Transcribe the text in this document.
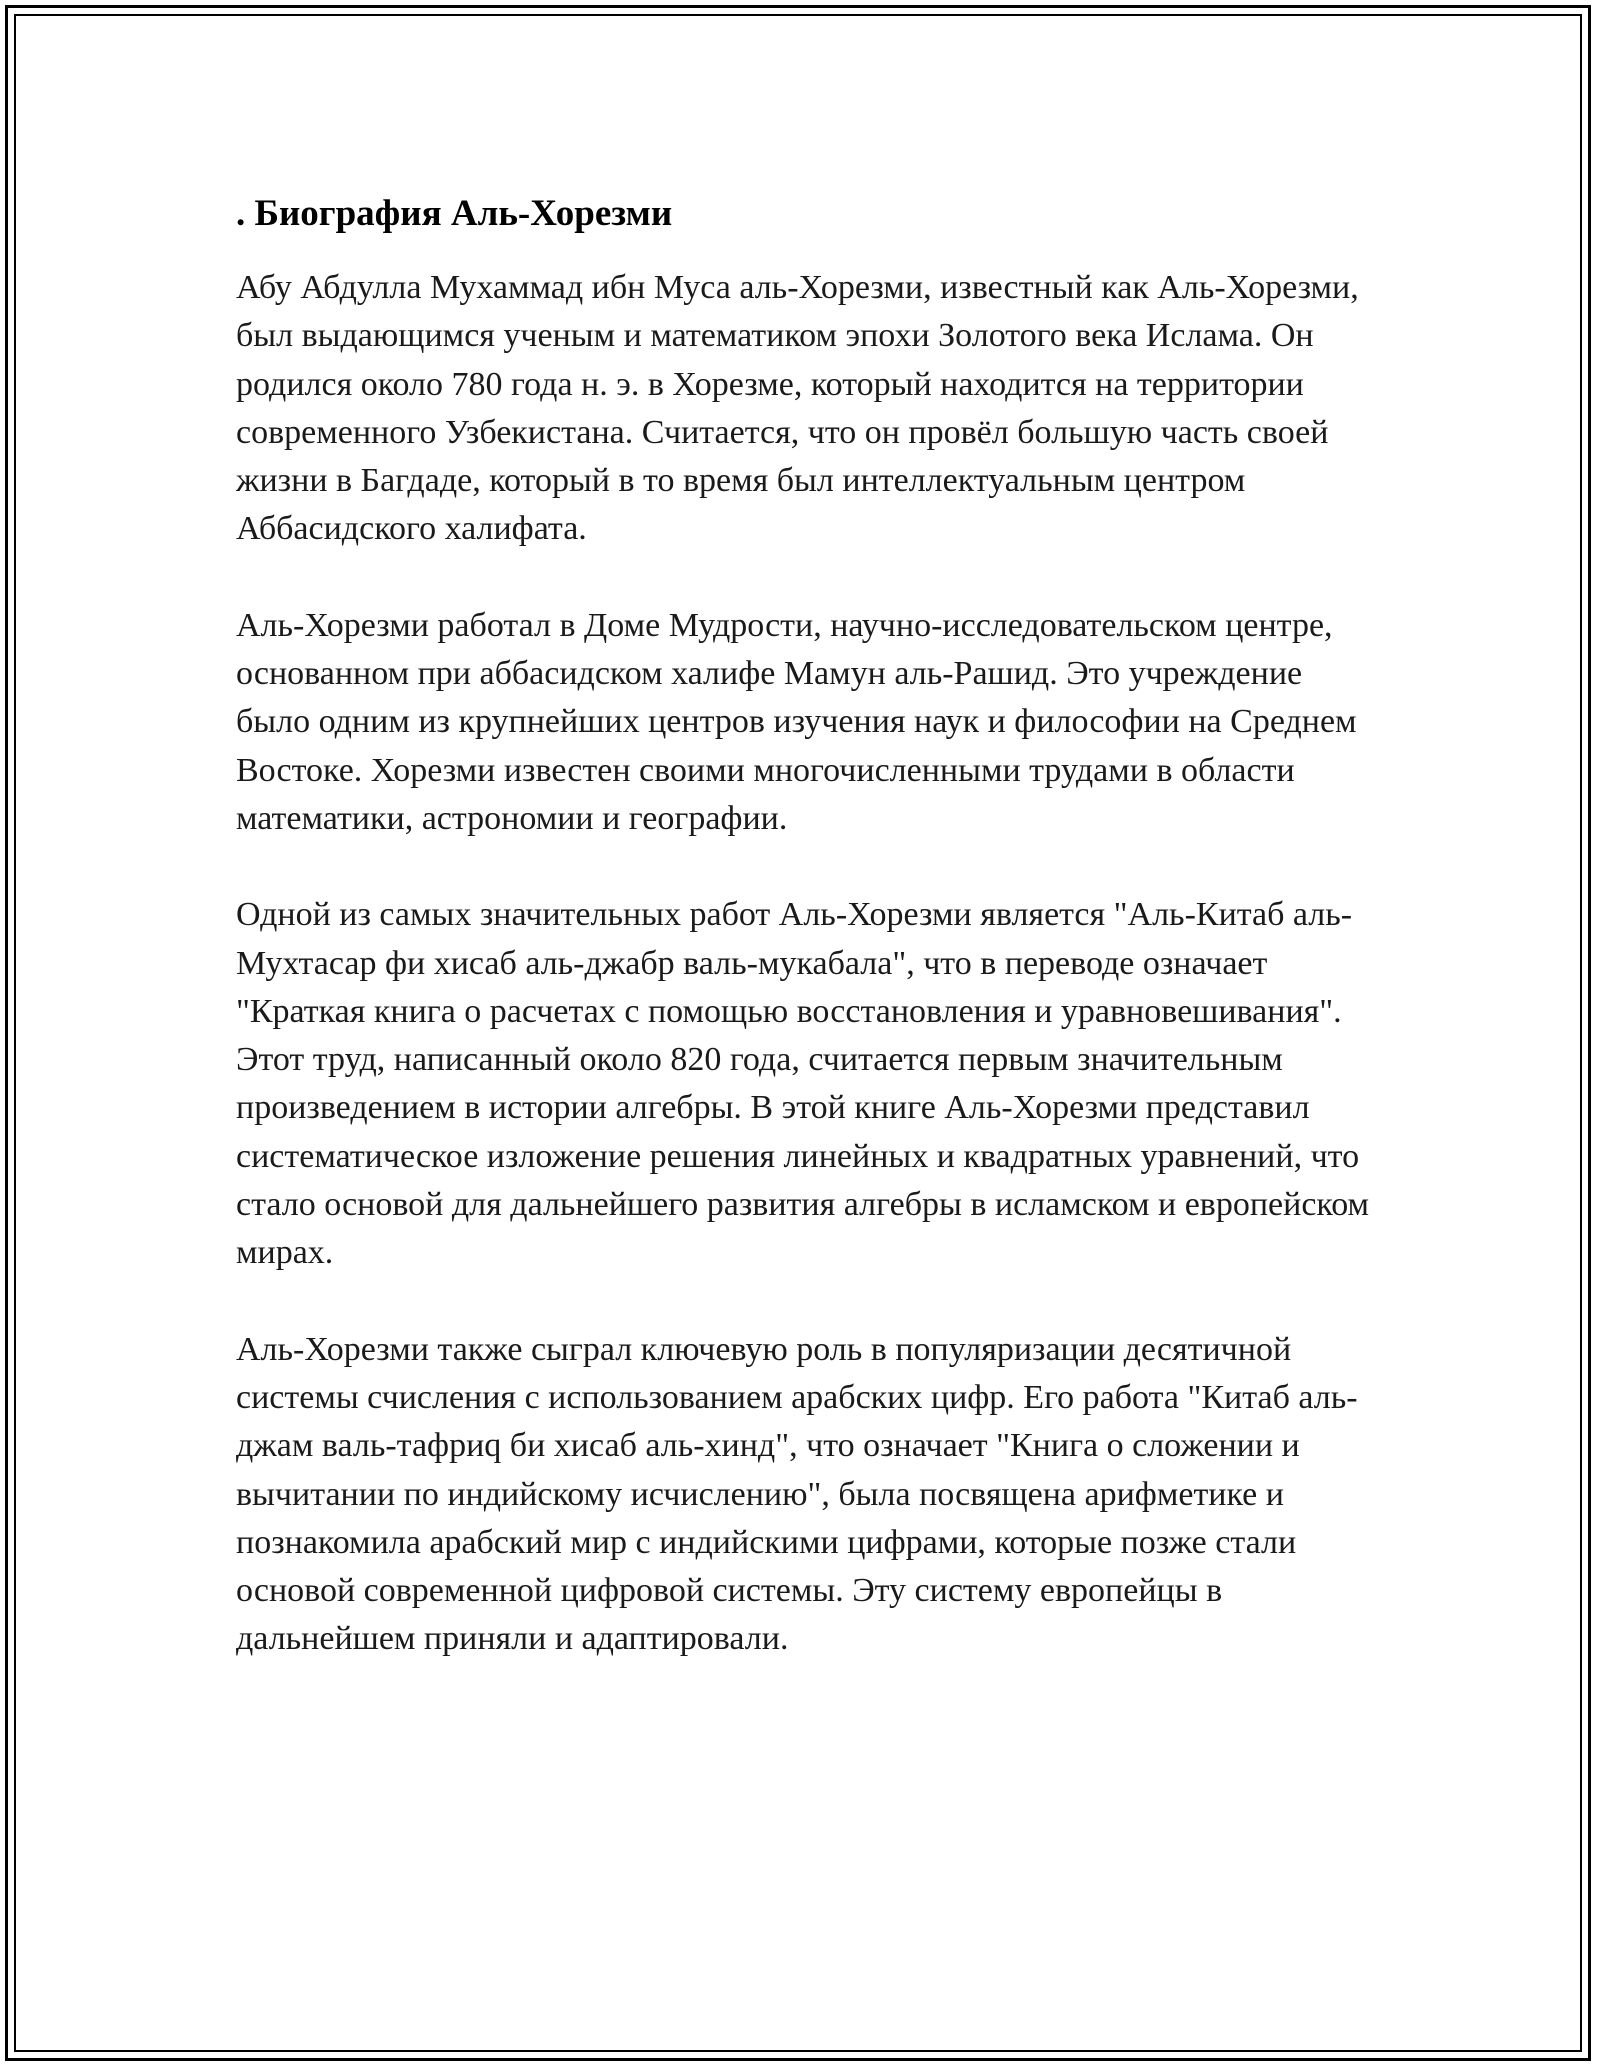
. Биография Аль-Хорезми

Абу Абдулла Мухаммад ибн Муса аль-Хорезми, известный как Аль-Хорезми, был выдающимся ученым и математиком эпохи Золотого века Ислама. Он родился около 780 года н. э. в Хорезме, который находится на территории современного Узбекистана. Считается, что он провёл большую часть своей жизни в Багдаде, который в то время был интеллектуальным центром Аббасидского халифата.

Аль-Хорезми работал в Доме Мудрости, научно-исследовательском центре, основанном при аббасидском халифе Мамун аль-Рашид. Это учреждение было одним из крупнейших центров изучения наук и философии на Среднем Востоке. Хорезми известен своими многочисленными трудами в области математики, астрономии и географии.

Одной из самых значительных работ Аль-Хорезми является "Аль-Китаб аль-Мухтасар фи хисаб аль-джабр валь-мукабала", что в переводе означает "Краткая книга о расчетах с помощью восстановления и уравновешивания". Этот труд, написанный около 820 года, считается первым значительным произведением в истории алгебры. В этой книге Аль-Хорезми представил систематическое изложение решения линейных и квадратных уравнений, что стало основой для дальнейшего развития алгебры в исламском и европейском мирах.

Аль-Хорезми также сыграл ключевую роль в популяризации десятичной системы счисления с использованием арабских цифр. Его работа "Китаб аль-джам валь-тафриq би хисаб аль-хинд", что означает "Книга о сложении и вычитании по индийскому исчислению", была посвящена арифметике и познакомила арабский мир с индийскими цифрами, которые позже стали основой современной цифровой системы. Эту систему европейцы в дальнейшем приняли и адаптировали.
